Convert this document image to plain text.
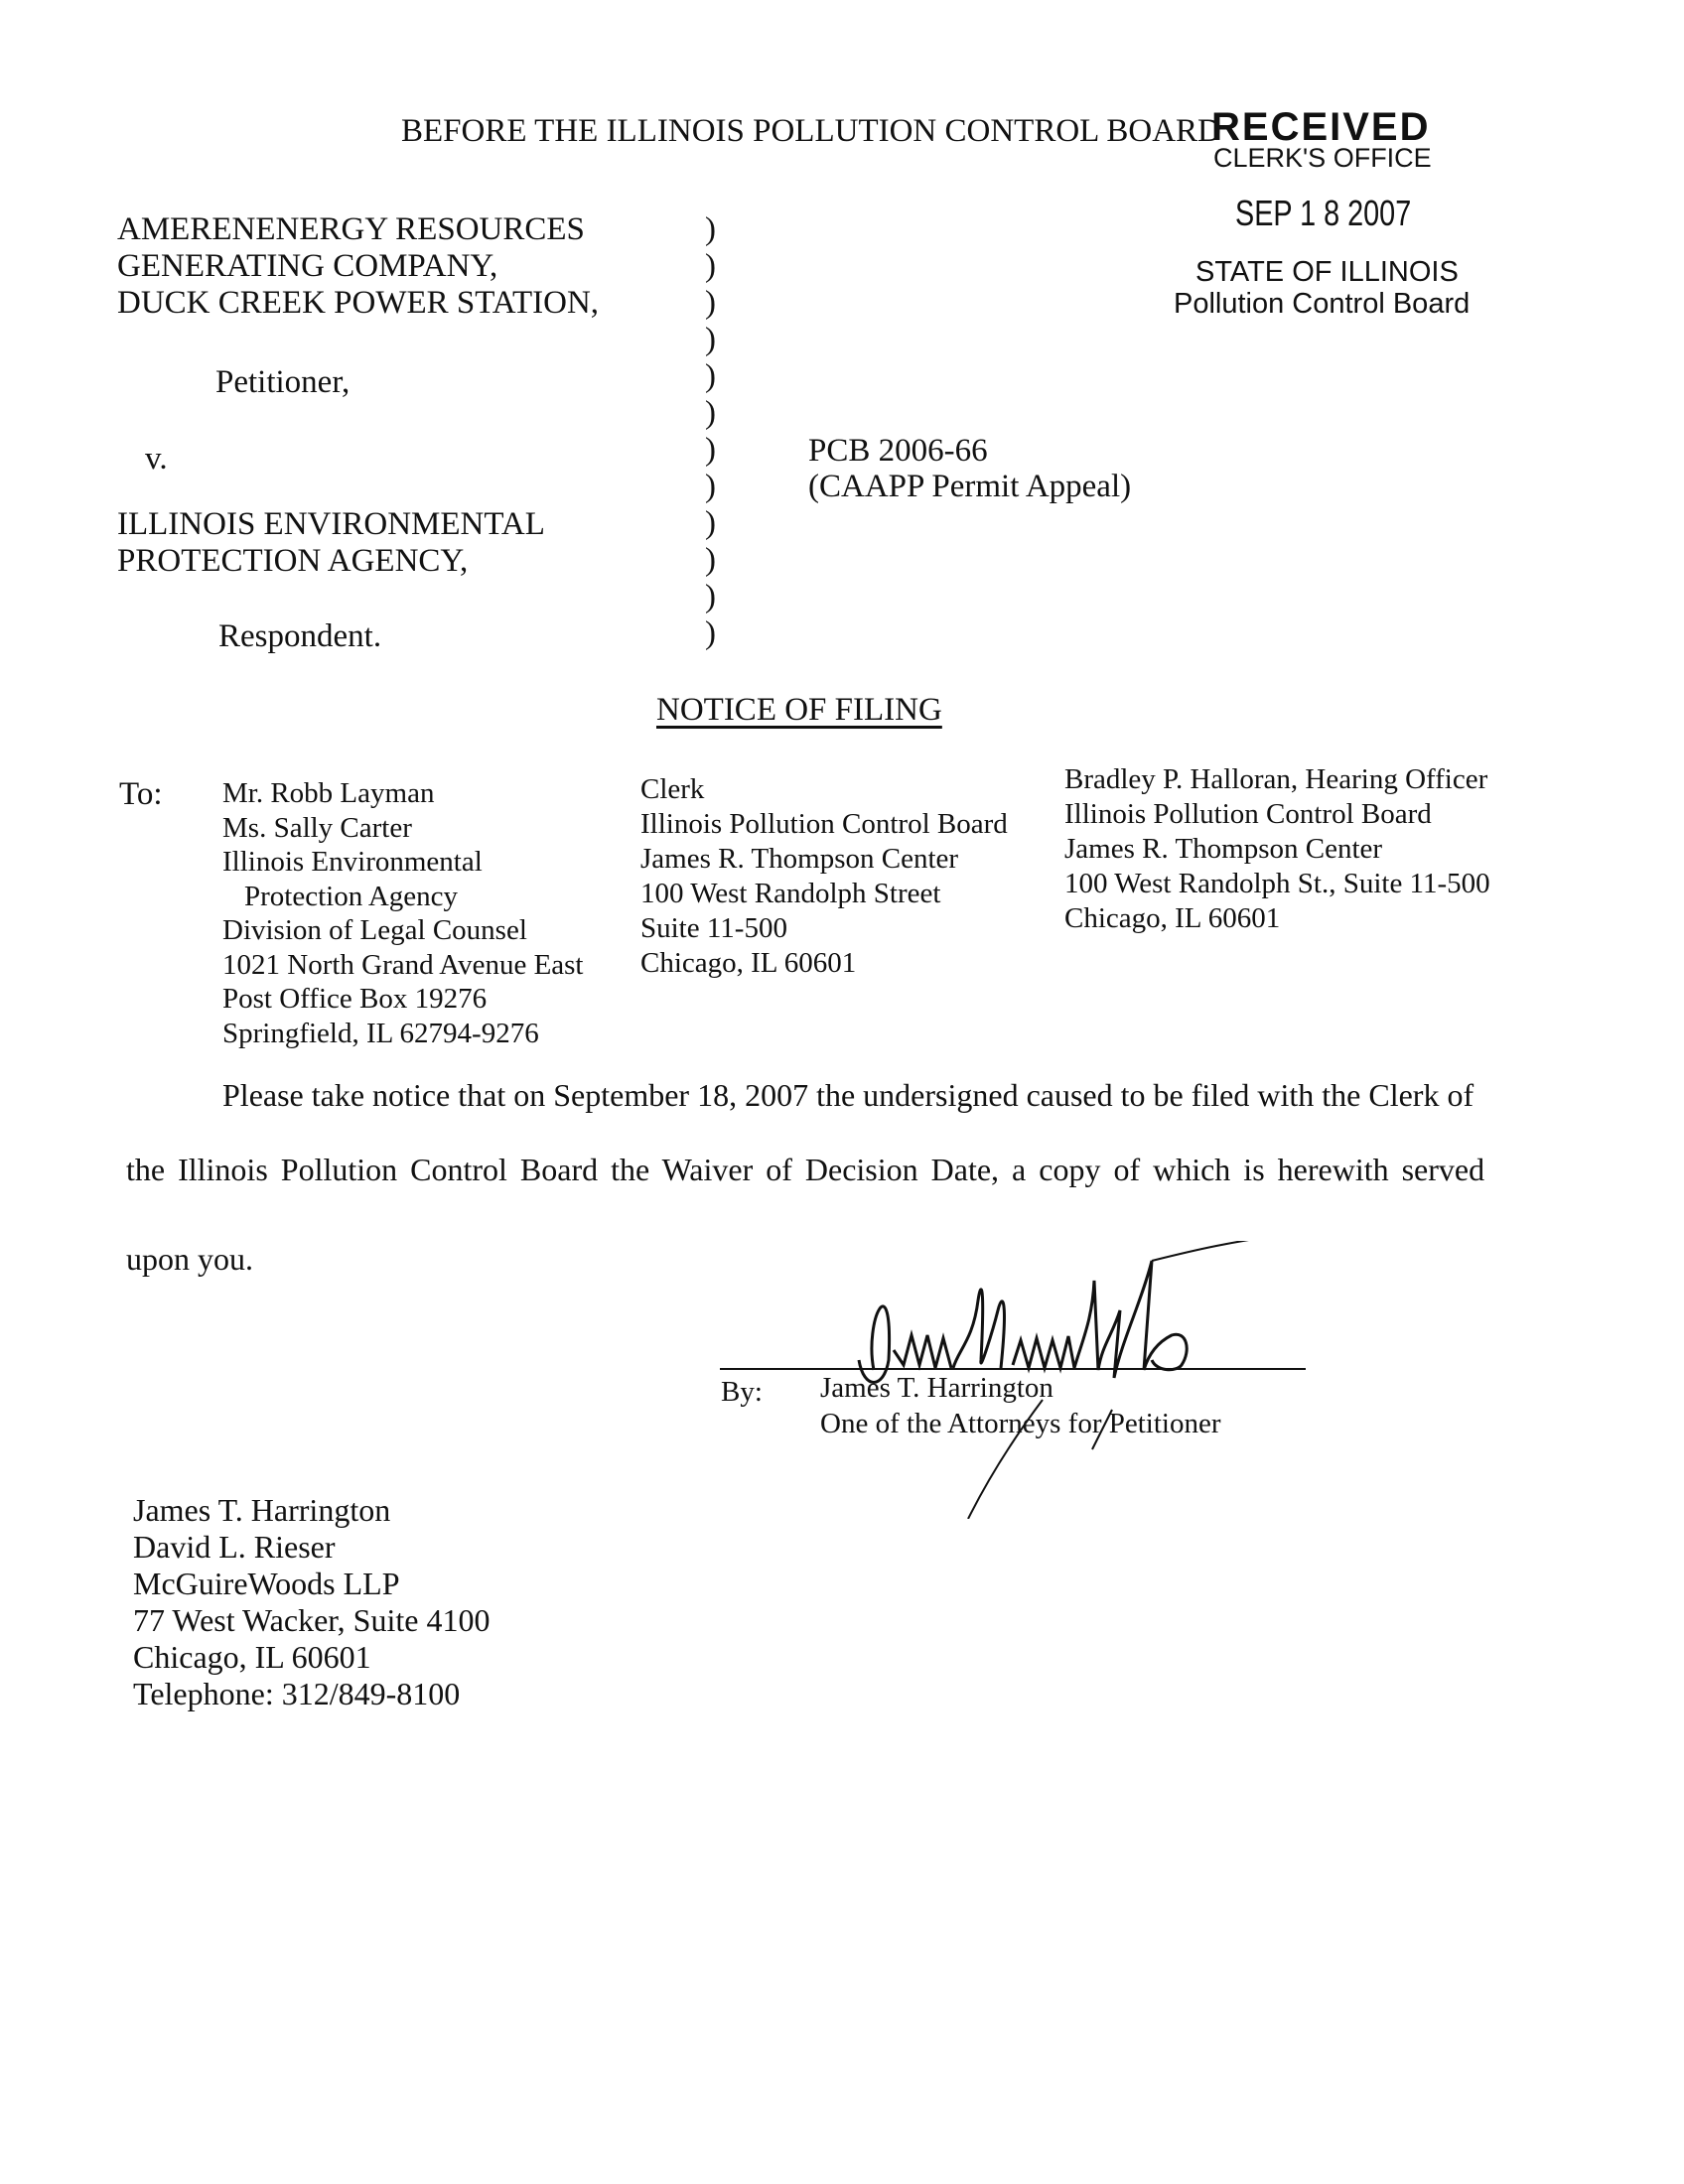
BEFORE THE ILLINOIS POLLUTION CONTROL BOARD
RECEIVED
CLERK'S OFFICE
SEP 1 8 2007
STATE OF ILLINOIS
Pollution Control Board
AMERENENERGY RESOURCES
GENERATING COMPANY,
DUCK CREEK POWER STATION,
Petitioner,
v.
ILLINOIS ENVIRONMENTAL
PROTECTION AGENCY,
Respondent.
)
)
)
)
)
)
)
)
)
)
)
)
PCB 2006-66
(CAAPP Permit Appeal)
NOTICE OF FILING
To: Mr. Robb Layman
Ms. Sally Carter
Illinois Environmental
Protection Agency
Division of Legal Counsel
1021 North Grand Avenue East
Post Office Box 19276
Springfield, IL 62794-9276
Clerk
Illinois Pollution Control Board
James R. Thompson Center
100 West Randolph Street
Suite 11-500
Chicago, IL 60601
Bradley P. Halloran, Hearing Officer
Illinois Pollution Control Board
James R. Thompson Center
100 West Randolph St., Suite 11-500
Chicago, IL 60601
Please take notice that on September 18, 2007 the undersigned caused to be filed with the Clerk of
the Illinois Pollution Control Board the Waiver of Decision Date, a copy of which is herewith served
upon you.
By: James T. Harrington
One of the Attorneys for Petitioner
James T. Harrington
David L. Rieser
McGuireWoods LLP
77 West Wacker, Suite 4100
Chicago, IL 60601
Telephone: 312/849-8100
